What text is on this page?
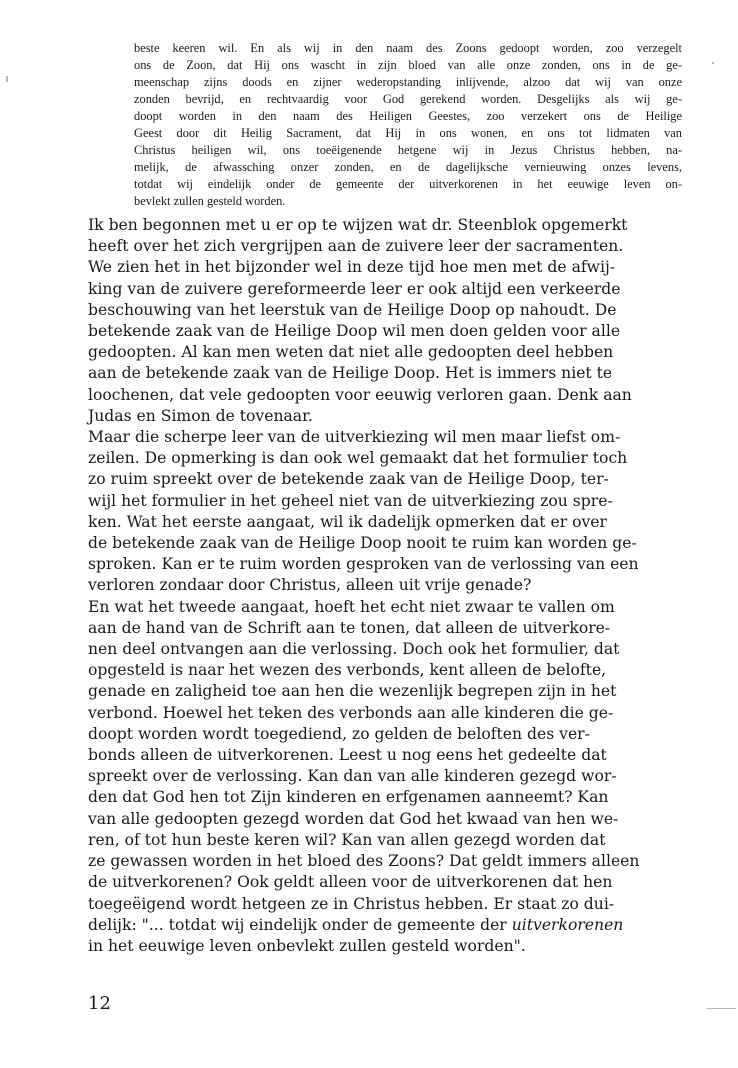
beste keeren wil. En als wij in den naam des Zoons gedoopt worden, zoo verzegelt
ons de Zoon, dat Hij ons wascht in zijn bloed van alle onze zonden, ons in de ge-
meenschap zijns doods en zijner wederopstanding inlijvende, alzoo dat wij van onze
zonden bevrijd, en rechtvaardig voor God gerekend worden. Desgelijks als wij ge-
doopt worden in den naam des Heiligen Geestes, zoo verzekert ons de Heilige
Geest door dit Heilig Sacrament, dat Hij in ons wonen, en ons tot lidmaten van
Christus heiligen wil, ons toeëigenende hetgene wij in Jezus Christus hebben, na-
melijk, de afwassching onzer zonden, en de dagelijksche vernieuwing onzes levens,
totdat wij eindelijk onder de gemeente der uitverkorenen in het eeuwige leven on-
bevlekt zullen gesteld worden.
Ik ben begonnen met u er op te wijzen wat dr. Steenblok opgemerkt
heeft over het zich vergrijpen aan de zuivere leer der sacramenten.
We zien het in het bijzonder wel in deze tijd hoe men met de afwij-
king van de zuivere gereformeerde leer er ook altijd een verkeerde
beschouwing van het leerstuk van de Heilige Doop op nahoudt. De
betekende zaak van de Heilige Doop wil men doen gelden voor alle
gedoopten. Al kan men weten dat niet alle gedoopten deel hebben
aan de betekende zaak van de Heilige Doop. Het is immers niet te
loochenen, dat vele gedoopten voor eeuwig verloren gaan. Denk aan
Judas en Simon de tovenaar.
Maar die scherpe leer van de uitverkiezing wil men maar liefst om-
zeilen. De opmerking is dan ook wel gemaakt dat het formulier toch
zo ruim spreekt over de betekende zaak van de Heilige Doop, ter-
wijl het formulier in het geheel niet van de uitverkiezing zou spre-
ken. Wat het eerste aangaat, wil ik dadelijk opmerken dat er over
de betekende zaak van de Heilige Doop nooit te ruim kan worden ge-
sproken. Kan er te ruim worden gesproken van de verlossing van een
verloren zondaar door Christus, alleen uit vrije genade?
En wat het tweede aangaat, hoeft het echt niet zwaar te vallen om
aan de hand van de Schrift aan te tonen, dat alleen de uitverkore-
nen deel ontvangen aan die verlossing. Doch ook het formulier, dat
opgesteld is naar het wezen des verbonds, kent alleen de belofte,
genade en zaligheid toe aan hen die wezenlijk begrepen zijn in het
verbond. Hoewel het teken des verbonds aan alle kinderen die ge-
doopt worden wordt toegediend, zo gelden de beloften des ver-
bonds alleen de uitverkorenen. Leest u nog eens het gedeelte dat
spreekt over de verlossing. Kan dan van alle kinderen gezegd wor-
den dat God hen tot Zijn kinderen en erfgenamen aanneemt? Kan
van alle gedoopten gezegd worden dat God het kwaad van hen we-
ren, of tot hun beste keren wil? Kan van allen gezegd worden dat
ze gewassen worden in het bloed des Zoons? Dat geldt immers alleen
de uitverkorenen? Ook geldt alleen voor de uitverkorenen dat hen
toegeëigend wordt hetgeen ze in Christus hebben. Er staat zo dui-
delijk: "... totdat wij eindelijk onder de gemeente der uitverkorenen
in het eeuwige leven onbevlekt zullen gesteld worden".
12
